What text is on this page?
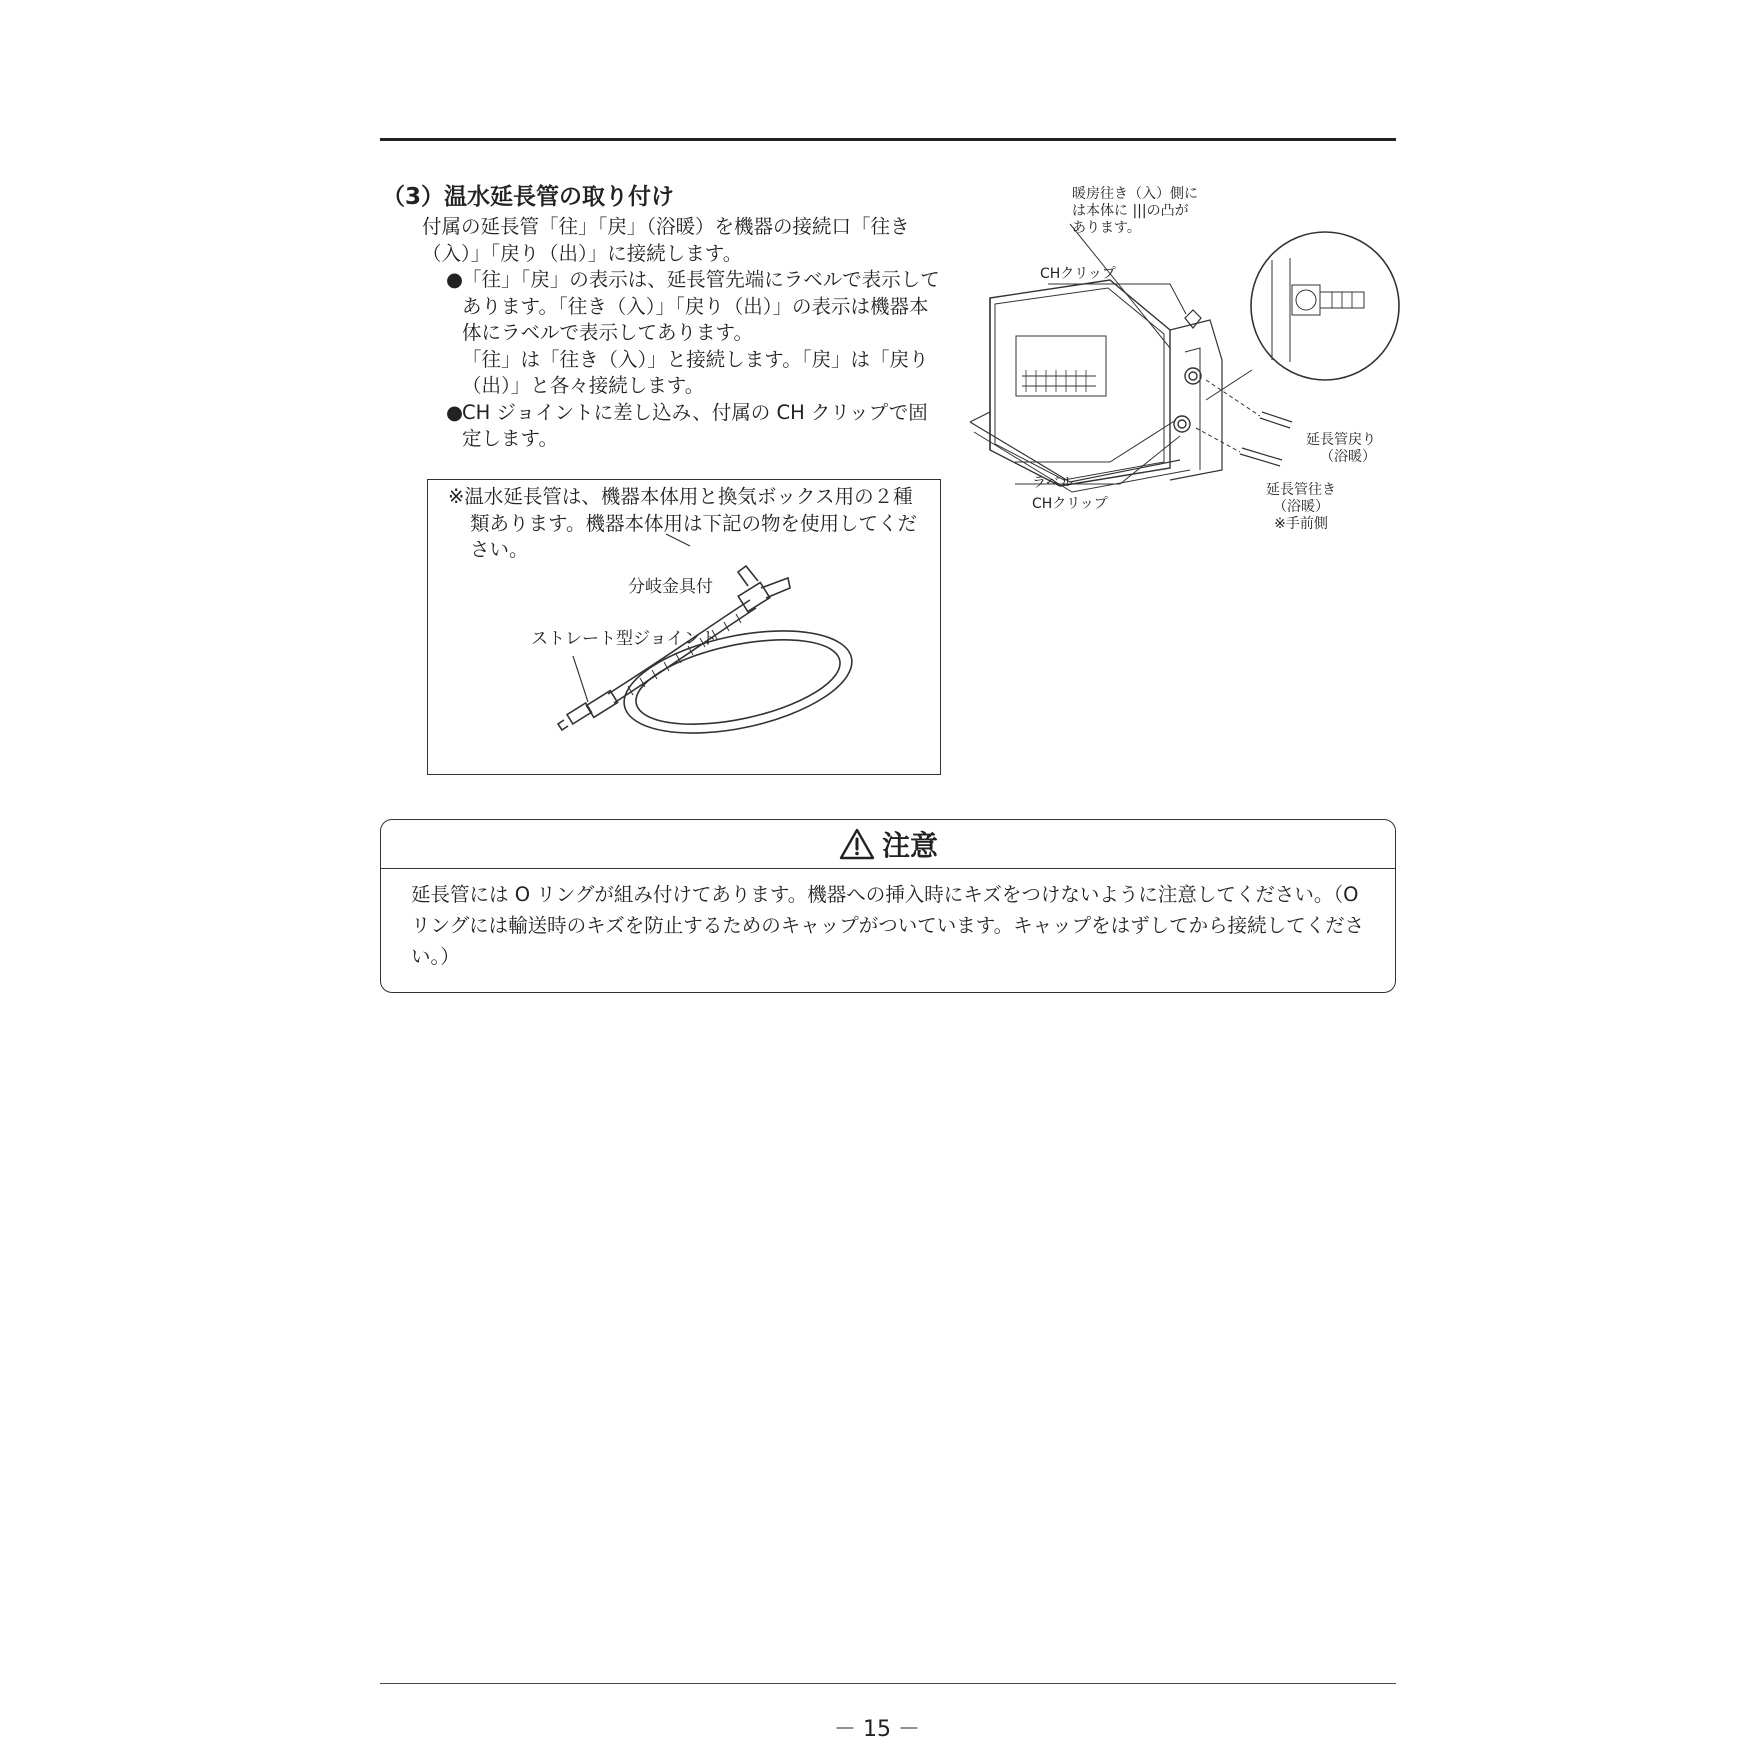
（3）温水延長管の取り付け

付属の延長管「往」「戻」（浴暖）を機器の接続口「往き（入）」「戻り（出）」に接続します。

●「往」「戻」の表示は、延長管先端にラベルで表示してあります。「往き（入）」「戻り（出）」の表示は機器本体にラベルで表示してあります。

「往」は「往き（入）」と接続します。「戻」は「戻り（出）」と各々接続します。

●CH ジョイントに差し込み、付属の CH クリップで固定します。

※温水延長管は、機器本体用と換気ボックス用の２種類あります。機器本体用は下記の物を使用してください。

分岐金具付
ストレート型ジョイント
暖房往き（入）側に
は本体に |||の凸が
あります。
CHクリップ
ラベル
CHクリップ
延長管戻り
（浴暖）
延長管往き
（浴暖）
※手前側
注意
延長管には O リングが組み付けてあります。機器への挿入時にキズをつけないように注意してください。（O リングには輸送時のキズを防止するためのキャップがついています。キャップをはずしてから接続してください。）
－ 15 －
